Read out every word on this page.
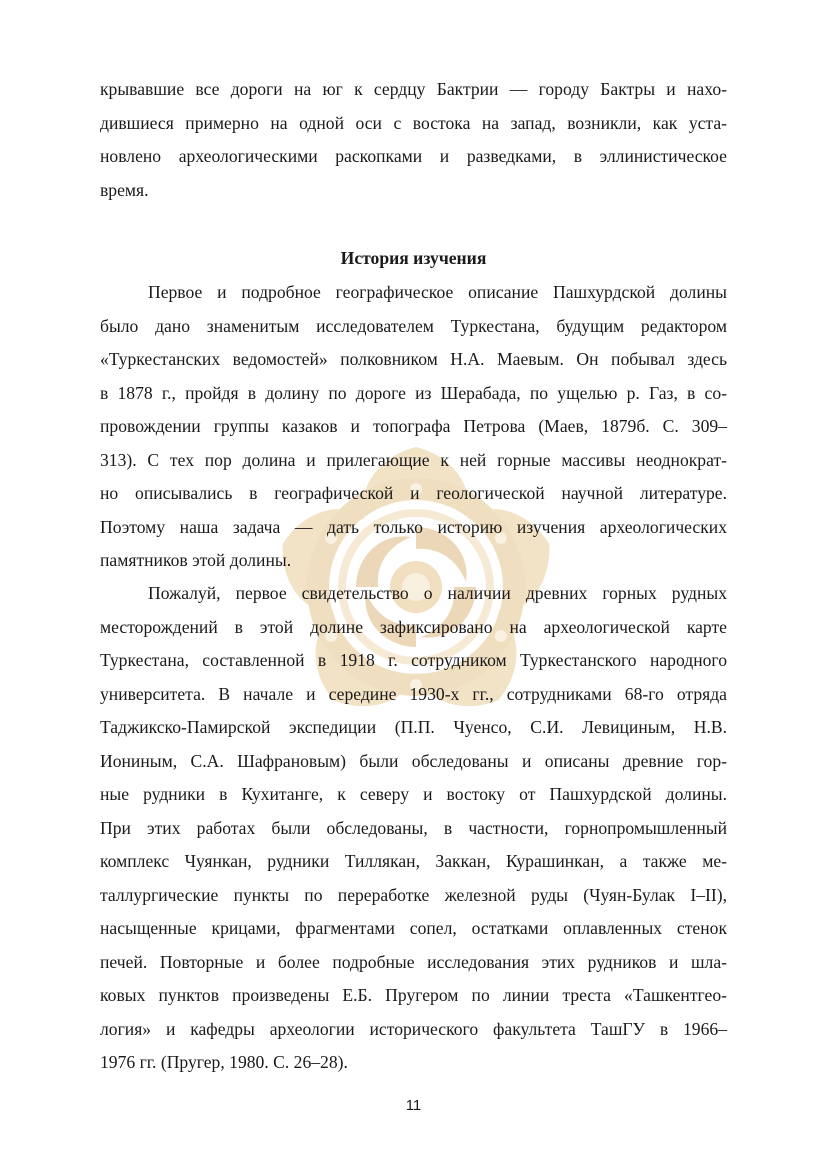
крывавшие все дороги на юг к сердцу Бактрии — городу Бактры и нахо-
дившиеся примерно на одной оси с востока на запад, возникли, как уста-
новлено археологическими раскопками и разведками, в эллинистическое
время.
История изучения
Первое и подробное географическое описание Пашхурдской долины
было дано знаменитым исследователем Туркестана, будущим редактором
«Туркестанских ведомостей» полковником Н.А. Маевым. Он побывал здесь
в 1878 г., пройдя в долину по дороге из Шерабада, по ущелью р. Газ, в со-
провождении группы казаков и топографа Петрова (Маев, 1879б. С. 309–
313). С тех пор долина и прилегающие к ней горные массивы неоднократ-
но описывались в географической и геологической научной литературе.
Поэтому наша задача — дать только историю изучения археологических
памятников этой долины.
Пожалуй, первое свидетельство о наличии древних горных рудных
месторождений в этой долине зафиксировано на археологической карте
Туркестана, составленной в 1918 г. сотрудником Туркестанского народного
университета. В начале и середине 1930-х гг., сотрудниками 68-го отряда
Таджикско-Памирской экспедиции (П.П. Чуенсо, С.И. Левициным, Н.В.
Иониным, С.А. Шафрановым) были обследованы и описаны древние гор-
ные рудники в Кухитанге, к северу и востоку от Пашхурдской долины.
При этих работах были обследованы, в частности, горнопромышленный
комплекс Чуянкан, рудники Тиллякан, Заккан, Курашинкан, а также ме-
таллургические пункты по переработке железной руды (Чуян-Булак I–II),
насыщенные крицами, фрагментами сопел, остатками оплавленных стенок
печей. Повторные и более подробные исследования этих рудников и шла-
ковых пунктов произведены Е.Б. Пругером по линии треста «Ташкентгео-
логия» и кафедры археологии исторического факультета ТашГУ в 1966–
1976 гг. (Пругер, 1980. С. 26–28).
11
